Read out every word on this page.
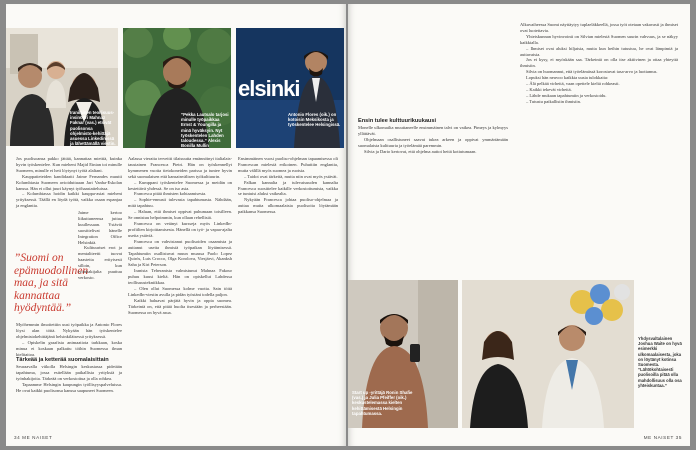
Iranilainen teollisuus-insinööri Mahnaz Faknar (vas.) etsivät puolisonsa ohjelmisto-kehittäjä asuessa Linkedinissä ja lähettämällä viestin.
”Pekka Lautsalo tarjosi minulle työpaikkaa Ernst & Youngilla ja minä hyväksyin. Nyt työskentelen Lahden taloudessa.” Alexis Bonilla Mullin
elsinki
Antonio Flores (oik.) on kotoisin Meksikosta ja työskentelee Helsingissä.

Jos puolisoansa pakko jättää, kannattaa miettiä, kuinka hyvin työskentelee. Kun mieheni Majid Einian toi minulle Suomeen, minulle ei heti löytynyt työtä alaltani.

Kauppatieteiden kandidaatti Jaime Fernandes muutti Kolumbiasta Suomeen avioiduttuaan Jari Vanha-Eskolan kanssa. Hän ei ollut juuri käynyt työhaastatteluissa.

– Kolumbiassa hoidin kaikki kauppa-asiat mieheni yrityksessä. Täällä en löydä työtä, vaikka osaan espanjaa ja englantia.

”Suomi on epämuodollinen maa, ja sitä kannattaa hyödyntää.”

Jaime kertoo liikuttuneensa juttua kuullessaan. Ystävät suosittelivat hänelle Integration Office Helsinkiä.

Kulttuuriset erot ja mentaliteetti tuovat haasteita erityisesti silloin, kun työnhakijalta puuttuu verkosto.

Myöhemmin ilmoitettiin uusi työpaikka ja Antonio Flores löysi alan töitä. Nykyään hän työskentelee ohjelmistokehittäjänä helsinkiläisessä yrityksessä.

– Opiskelin graafista animaatiota tarkkaan, koska minua ei koskaan palkattu töihin Suomessa ilman kielitaitoa.

Tärkeää ja ketterää suomalaisittain

Seuraavalla viikolla Helsingin keskustassa pidetään tapahtuma, jossa esitellään paikallisia yrityksiä ja työnhakijoita. Tärkeää on verkostoitua ja olla rohkea.

Tapaamme Helsingin kaupungin työllisyyspalveluissa. He ovat kaikki puolisonsa kanssa saapuneet Suomeen.

Aalassa vieraita terveitti tilaisuutta emännöinyt italialais-taustainen Francesca Pietri. Hän on työskennellyt kymmenen vuotta tietokoneiden parissa ja tuntee hyvin sekä suomalaisen että kansainvälisen työkulttuurin.

– Kumppani työskentelee Suomessa ja meidän on kestettävä yhdessä. Se on iso asia.

Francesca pitää ihmisten kohtaamisesta.

– Sophie-ennusti tulevasta tapahtumasta. Nähdään, mitä tapahtuu.

– Haluan, että ihmiset oppivat puhumaan toisilleen. Se onnistuu helpoimmin, kun ollaan rehellisiä.

Francesca on vetänyt kursseja myös LinkedIn-profiilien kirjoittamisesta. Hänellä on työ- ja vapaa-ajalta useita ystäviä.

Francesca on vahvistanut puolisoiden osaamista ja auttanut useita ihmisiä työpaikan löytämisessä. Tapahtumiin osallistuvat muun muassa Paolo Lopez Quirós, Luis Crocco, Olga Korolova, Viesjärvi, Akanksh Saha ja Kiri Peterson.

Iranista Teheranista valmistunut Mahnaz Fakour puhuu kuusi kieltä. Hän on opiskellut Lahdessa teollisuustekniikkaa.

– Olen ollut Suomessa kolme vuotta. Sain töitä LinkedIn-viestin avulla ja pidän työstäni todella paljon.

Kaikki haluavat pärjätä hyvin ja oppia suomea. Tärkeintä on, että pitää huolta itsestään ja perheestään. Suomessa on hyvä asua.

Ensimmäinen vuosi puoliso-ohjelman tapaamisessa oli Francescan mielestä erikoinen. Puhuttiin englantia, mutta välillä myös suomea ja ruotsia.

– Taidot ovat tärkeitä, mutta niin ovat myös ystävät.

Palkan kannalta ja tulevaisuuden kannalta Francesca suosittelee kaikille verkostoitumista, vaikka se tuntuisi aluksi vaikealta.

Nykyään Francesca johtaa puoliso-ohjelmaa ja auttaa muita ulkomaalaisia puolisoita löytämään paikkansa Suomessa.

34 ME NAISET

Ensin tulee kulttuurikuukausi

Monelle ulkomailta muuttaneelle ensimmäinen talvi on vaikea. Pimeys ja kylmyys yllättävät.

Ohjelmaan osallistuneet saavat tukea arkeen ja oppivat ymmärtämään suomalaista kulttuuria ja työelämää paremmin.

Silvia ja Dario kertovat, että ohjelma auttoi heitä kotiutumaan.

Alkuvaiheessa Suomi näyttäytyy tuplaeläkkeellä, jossa työt otetaan vakavasti ja ihmiset ovat luotettavia.

Yhteiskunnan hyvinvointi on Silvian mielestä Suomen suurin vahvuus, ja se näkyy kaikkialla.

– Ihmiset ovat aluksi hiljaisia, mutta kun heihin tutustuu, he ovat lämpimiä ja auttavaisia.

Jos ei kysy, ei myöskään saa. Tärkeintä on olla itse aktiivinen ja ottaa yhteyttä ihmisiin.

Silvia on huomannut, että työelämässä korostuvat tasa-arvo ja luottamus.

Lopuksi hän neuvoo kaikkia uusia tulokkaita:

– Älä pelkää virheitä, vaan opettele kieltä rohkeasti.

– Kaikki tekevät virheitä.

– Lähde mukaan tapahtumiin ja verkostoidu.

– Tutustu paikallisiin ihmisiin.

Start up -yrittäjä Ronin Shafie (vas.) ja Julia Pfeiffer (oik.) keskustelemassa kielten kehittämisestä Helsingin tapahtumassa.
Yhdysvaltalainen Joshua Waite on hyvä esimerkki ulkomaalaisesta, joka on löytänyt kotinsa Suomesta. ”Lähtökohtaisesti puolisoilla pitää olla mahdollisuus olla osa yhteiskuntaa.”
ME NAISET 35
